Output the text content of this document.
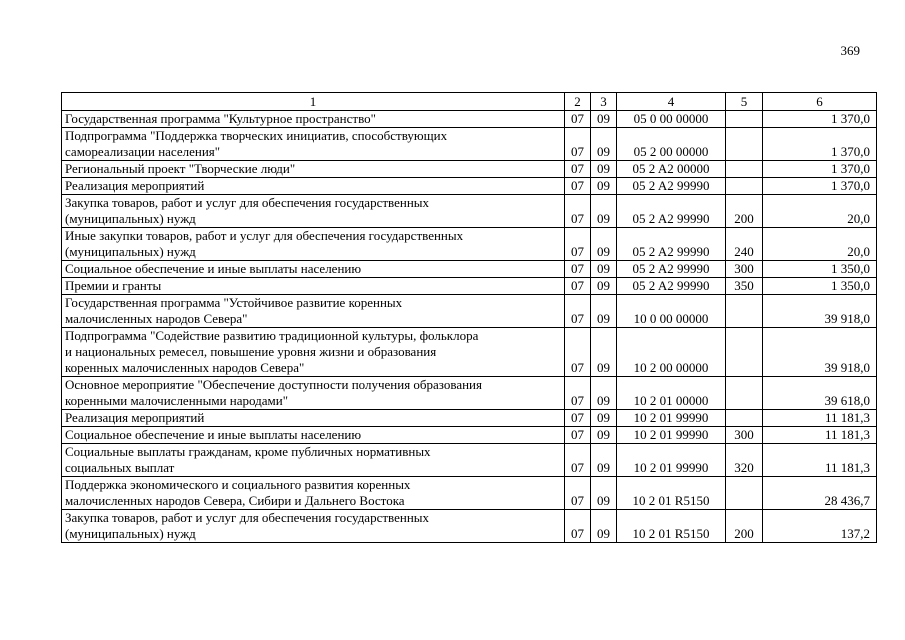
369
1	2	3	4	5	6
Государственная программа "Культурное пространство"	07	09	05 0 00 00000		1 370,0
Подпрограмма "Поддержка творческих инициатив, способствующих
самореализации населения"	07	09	05 2 00 00000		1 370,0
Региональный проект "Творческие люди"	07	09	05 2 A2 00000		1 370,0
Реализация мероприятий	07	09	05 2 A2 99990		1 370,0
Закупка товаров, работ и услуг для обеспечения государственных
(муниципальных) нужд	07	09	05 2 A2 99990	200	20,0
Иные закупки товаров, работ и услуг для обеспечения государственных
(муниципальных) нужд	07	09	05 2 A2 99990	240	20,0
Социальное обеспечение и иные выплаты населению	07	09	05 2 A2 99990	300	1 350,0
Премии и гранты	07	09	05 2 A2 99990	350	1 350,0
Государственная программа "Устойчивое развитие коренных
малочисленных народов Севера"	07	09	10 0 00 00000		39 918,0
Подпрограмма "Содействие развитию традиционной культуры, фольклора
и национальных ремесел, повышение уровня жизни и образования
коренных малочисленных народов Севера"	07	09	10 2 00 00000		39 918,0
Основное мероприятие "Обеспечение доступности получения образования
коренными малочисленными народами"	07	09	10 2 01 00000		39 618,0
Реализация мероприятий	07	09	10 2 01 99990		11 181,3
Социальное обеспечение и иные выплаты населению	07	09	10 2 01 99990	300	11 181,3
Социальные выплаты гражданам, кроме публичных нормативных
социальных выплат	07	09	10 2 01 99990	320	11 181,3
Поддержка экономического и социального развития коренных
малочисленных народов Севера, Сибири и Дальнего Востока	07	09	10 2 01 R5150		28 436,7
Закупка товаров, работ и услуг для обеспечения государственных
(муниципальных) нужд	07	09	10 2 01 R5150	200	137,2
